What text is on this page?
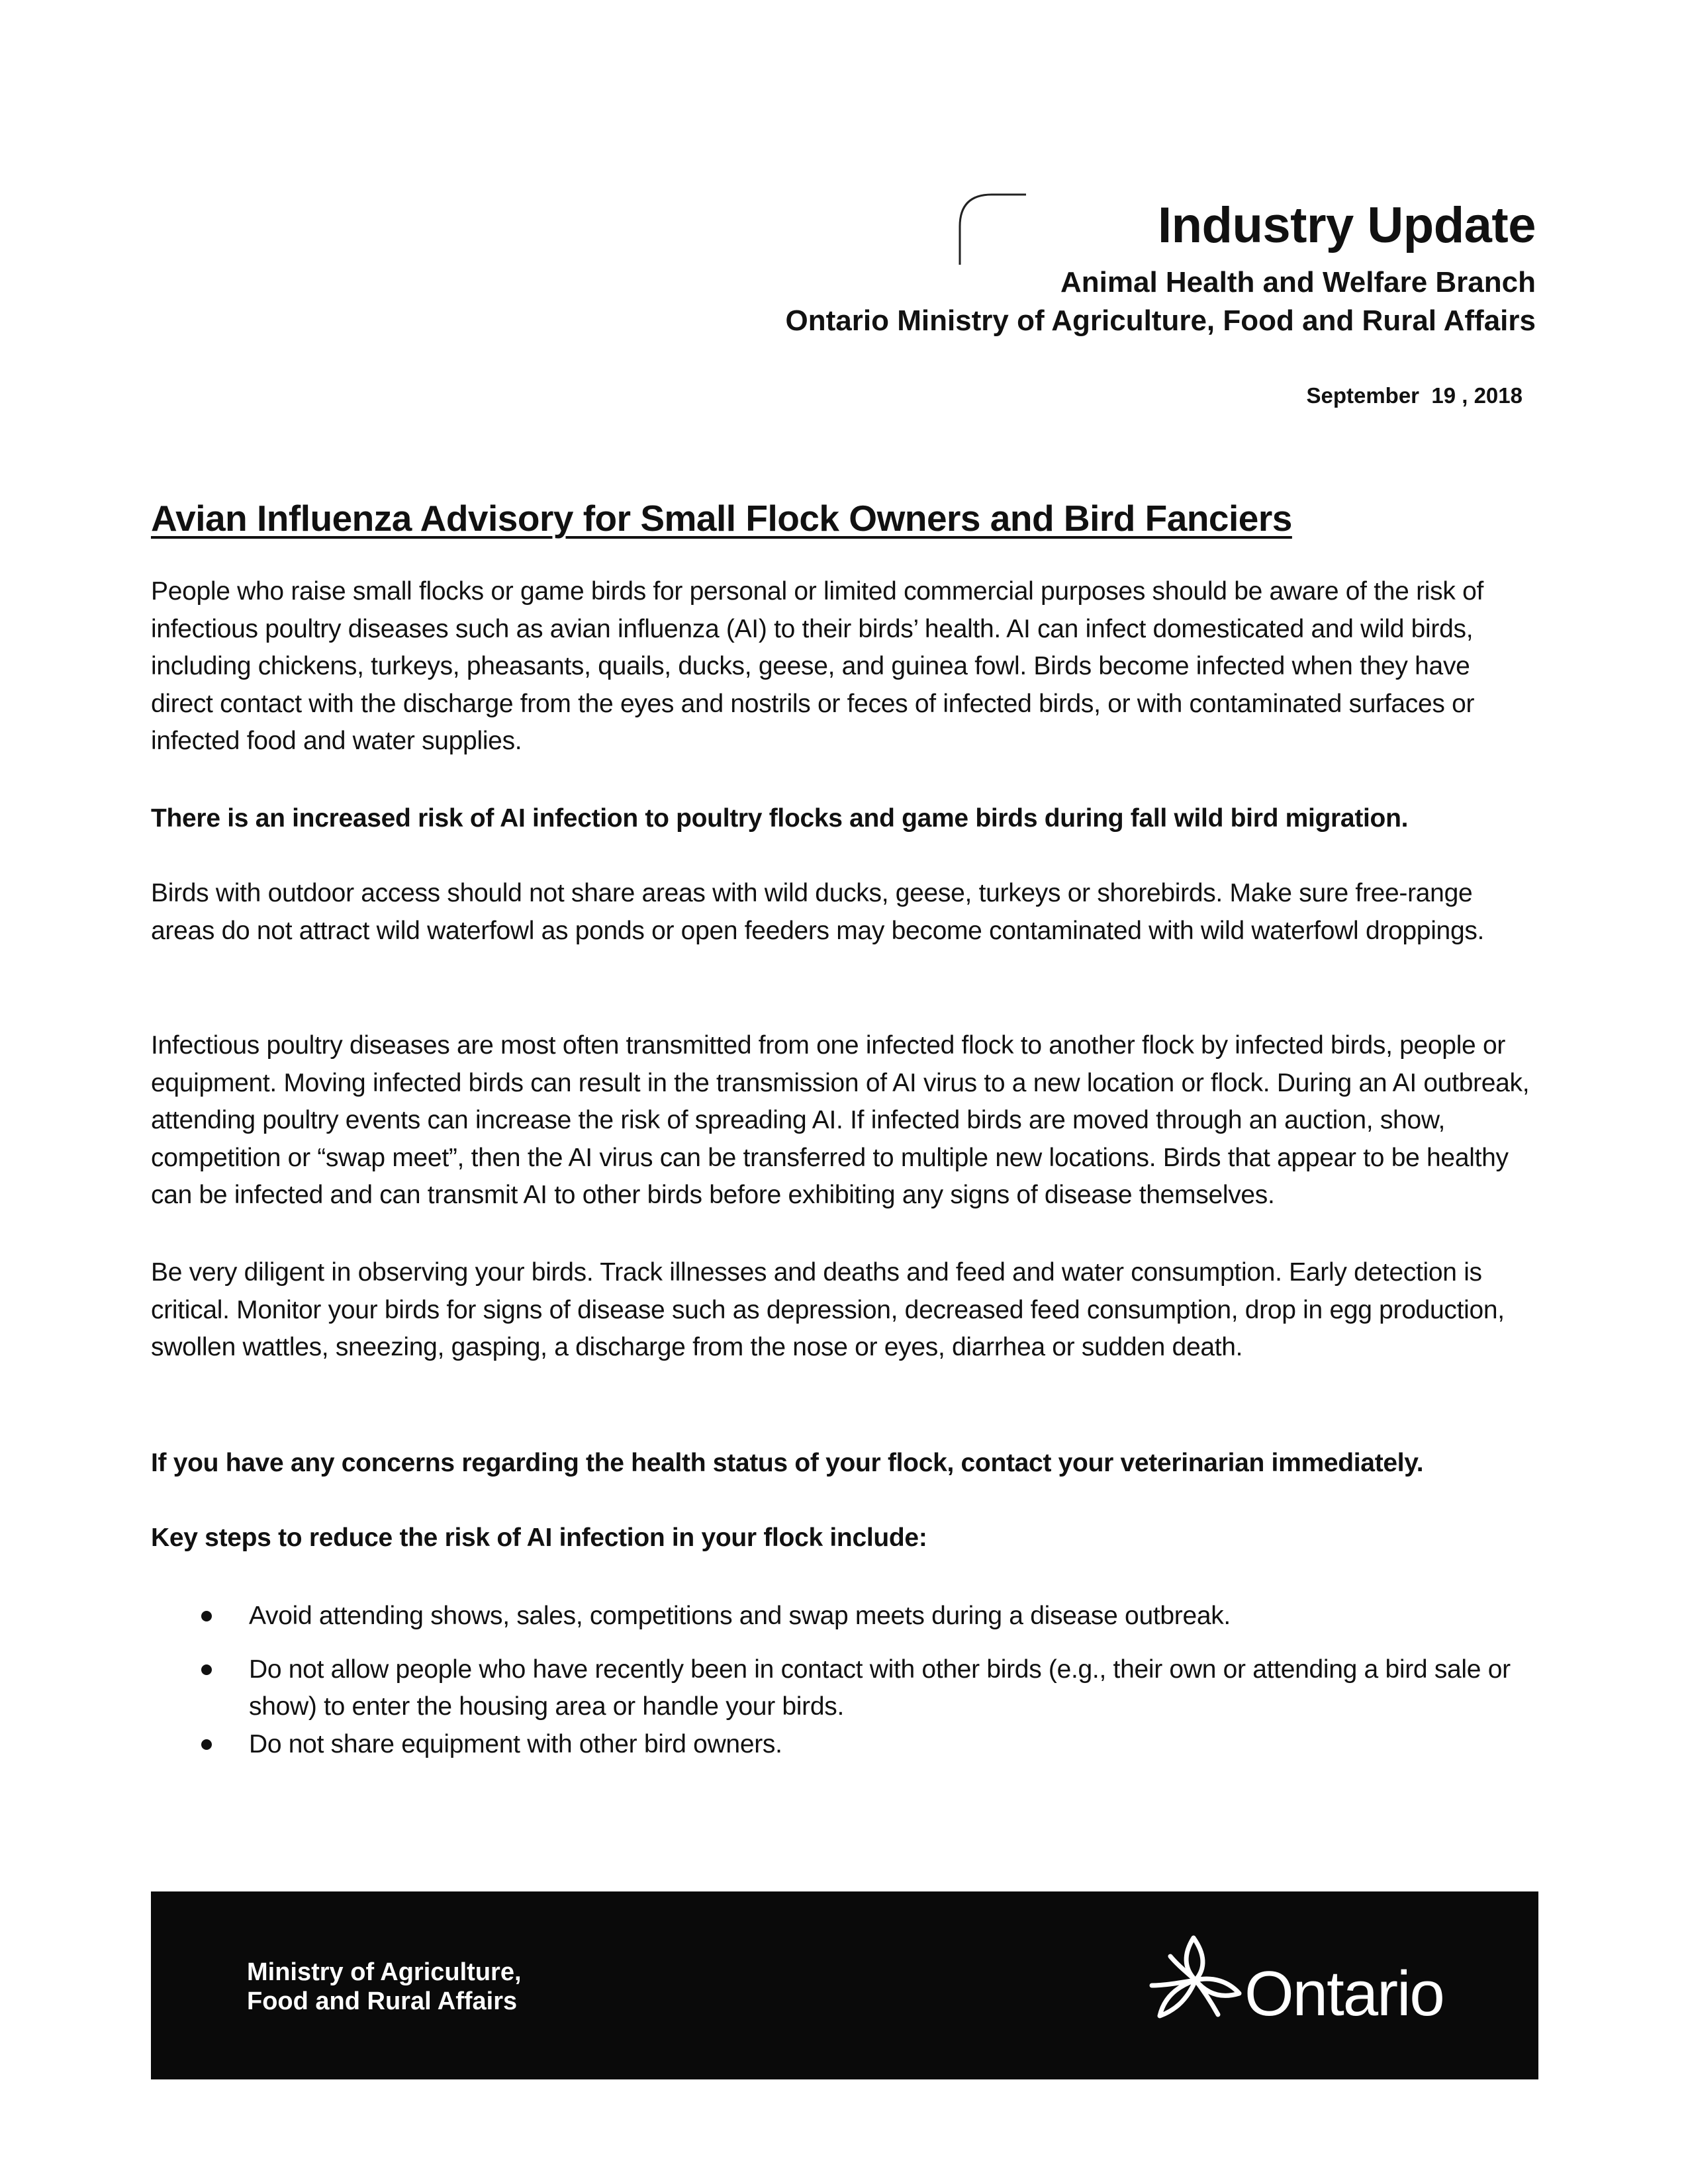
Industry Update
Animal Health and Welfare Branch
Ontario Ministry of Agriculture, Food and Rural Affairs
September  19 , 2018
Avian Influenza Advisory for Small Flock Owners and Bird Fanciers

People who raise small flocks or game birds for personal or limited commercial purposes should be aware of the risk of infectious poultry diseases such as avian influenza (AI) to their birds’ health. AI can infect domesticated and wild birds, including chickens, turkeys, pheasants, quails, ducks, geese, and guinea fowl. Birds become infected when they have direct contact with the discharge from the eyes and nostrils or feces of infected birds, or with contaminated surfaces or infected food and water supplies.

There is an increased risk of AI infection to poultry flocks and game birds during fall wild bird migration.

Birds with outdoor access should not share areas with wild ducks, geese, turkeys or shorebirds. Make sure free-range areas do not attract wild waterfowl as ponds or open feeders may become contaminated with wild waterfowl droppings.

Infectious poultry diseases are most often transmitted from one infected flock to another flock by infected birds, people or equipment. Moving infected birds can result in the transmission of AI virus to a new location or flock. During an AI outbreak, attending poultry events can increase the risk of spreading AI. If infected birds are moved through an auction, show, competition or “swap meet”, then the AI virus can be transferred to multiple new locations. Birds that appear to be healthy can be infected and can transmit AI to other birds before exhibiting any signs of disease themselves.

Be very diligent in observing your birds. Track illnesses and deaths and feed and water consumption. Early detection is critical. Monitor your birds for signs of disease such as depression, decreased feed consumption, drop in egg production, swollen wattles, sneezing, gasping, a discharge from the nose or eyes, diarrhea or sudden death.

If you have any concerns regarding the health status of your flock, contact your veterinarian immediately.

Key steps to reduce the risk of AI infection in your flock include:

Avoid attending shows, sales, competitions and swap meets during a disease outbreak.
Do not allow people who have recently been in contact with other birds (e.g., their own or attending a bird sale or show) to enter the housing area or handle your birds.
Do not share equipment with other bird owners.
Ministry of Agriculture,
Food and Rural Affairs	Ontario
